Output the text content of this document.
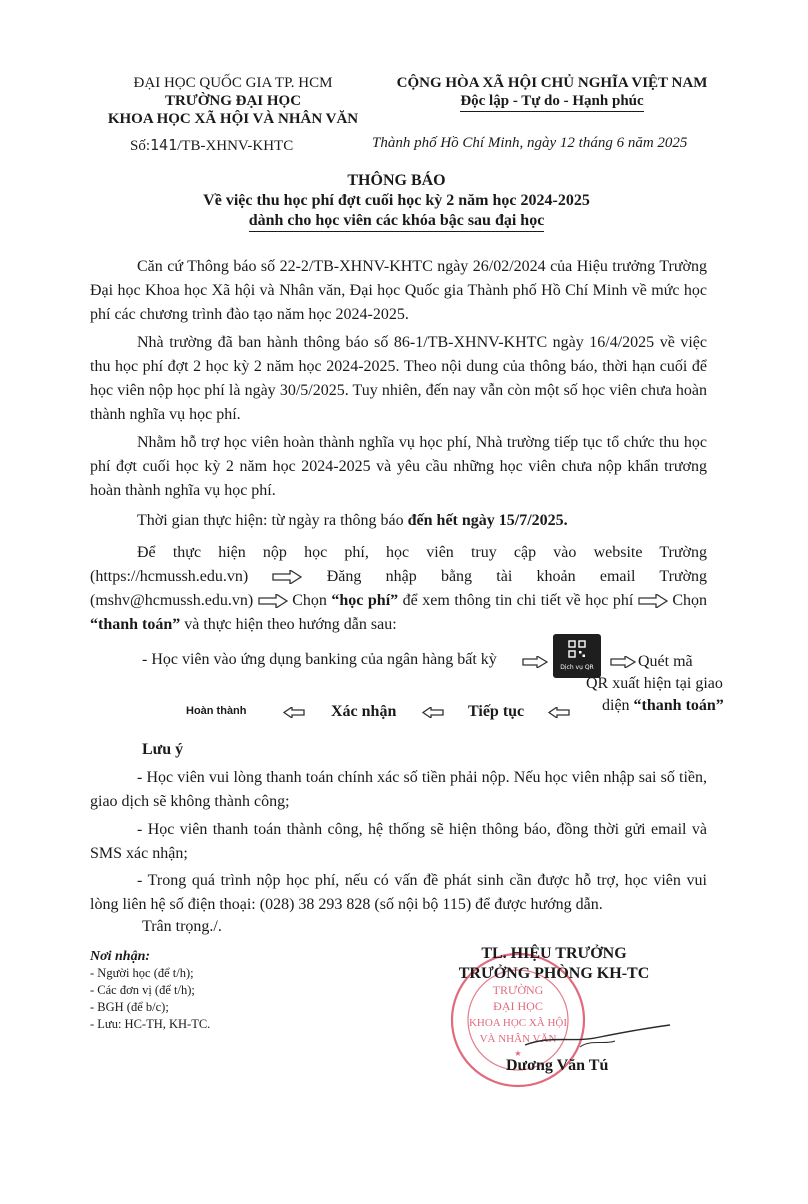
ĐẠI HỌC QUỐC GIA TP. HCM
TRƯỜNG ĐẠI HỌC
KHOA HỌC XÃ HỘI VÀ NHÂN VĂN
Số:141/TB-XHNV-KHTC
CỘNG HÒA XÃ HỘI CHỦ NGHĨA VIỆT NAM
Độc lập - Tự do - Hạnh phúc
Thành phố Hồ Chí Minh, ngày 12 tháng 6 năm 2025
THÔNG BÁO
Về việc thu học phí đợt cuối học kỳ 2 năm học 2024-2025
dành cho học viên các khóa bậc sau đại học
Căn cứ Thông báo số 22-2/TB-XHNV-KHTC ngày 26/02/2024 của Hiệu trưởng Trường Đại học Khoa học Xã hội và Nhân văn, Đại học Quốc gia Thành phố Hồ Chí Minh về mức học phí các chương trình đào tạo năm học 2024-2025.
Nhà trường đã ban hành thông báo số 86-1/TB-XHNV-KHTC ngày 16/4/2025 về việc thu học phí đợt 2 học kỳ 2 năm học 2024-2025. Theo nội dung của thông báo, thời hạn cuối để học viên nộp học phí là ngày 30/5/2025. Tuy nhiên, đến nay vẫn còn một số học viên chưa hoàn thành nghĩa vụ học phí.
Nhằm hỗ trợ học viên hoàn thành nghĩa vụ học phí, Nhà trường tiếp tục tổ chức thu học phí đợt cuối học kỳ 2 năm học 2024-2025 và yêu cầu những học viên chưa nộp khẩn trương hoàn thành nghĩa vụ học phí.
Thời gian thực hiện: từ ngày ra thông báo đến hết ngày 15/7/2025.
Để thực hiện nộp học phí, học viên truy cập vào website Trường (https://hcmussh.edu.vn)	Đăng nhập bằng tài khoản email Trường (mshv@hcmussh.edu.vn) Chọn “học phí” để xem thông tin chi tiết về học phí Chọn “thanh toán” và thực hiện theo hướng dẫn sau:
- Học viên vào ứng dụng banking của ngân hàng bất kỳ	Dịch vụ QR	Quét mã
QR xuất hiện tại giao
diện “thanh toán”
Hoàn thành	Xác nhận	Tiếp tục
Lưu ý
- Học viên vui lòng thanh toán chính xác số tiền phải nộp. Nếu học viên nhập sai số tiền, giao dịch sẽ không thành công;
- Học viên thanh toán thành công, hệ thống sẽ hiện thông báo, đồng thời gửi email và SMS xác nhận;
- Trong quá trình nộp học phí, nếu có vấn đề phát sinh cần được hỗ trợ, học viên vui lòng liên hệ số điện thoại: (028) 38 293 828 (số nội bộ 115) để được hướng dẫn.
Trân trọng./.
Nơi nhận:
- Người học (để t/h);
- Các đơn vị (để t/h);
- BGH (để b/c);
- Lưu: HC-TH, KH-TC.
TRƯỜNG
ĐẠI HỌC
KHOA HỌC XÃ HỘI
VÀ NHÂN VĂN
★
TL. HIỆU TRƯỞNG
TRƯỞNG PHÒNG KH-TC
Dương Văn Tú
